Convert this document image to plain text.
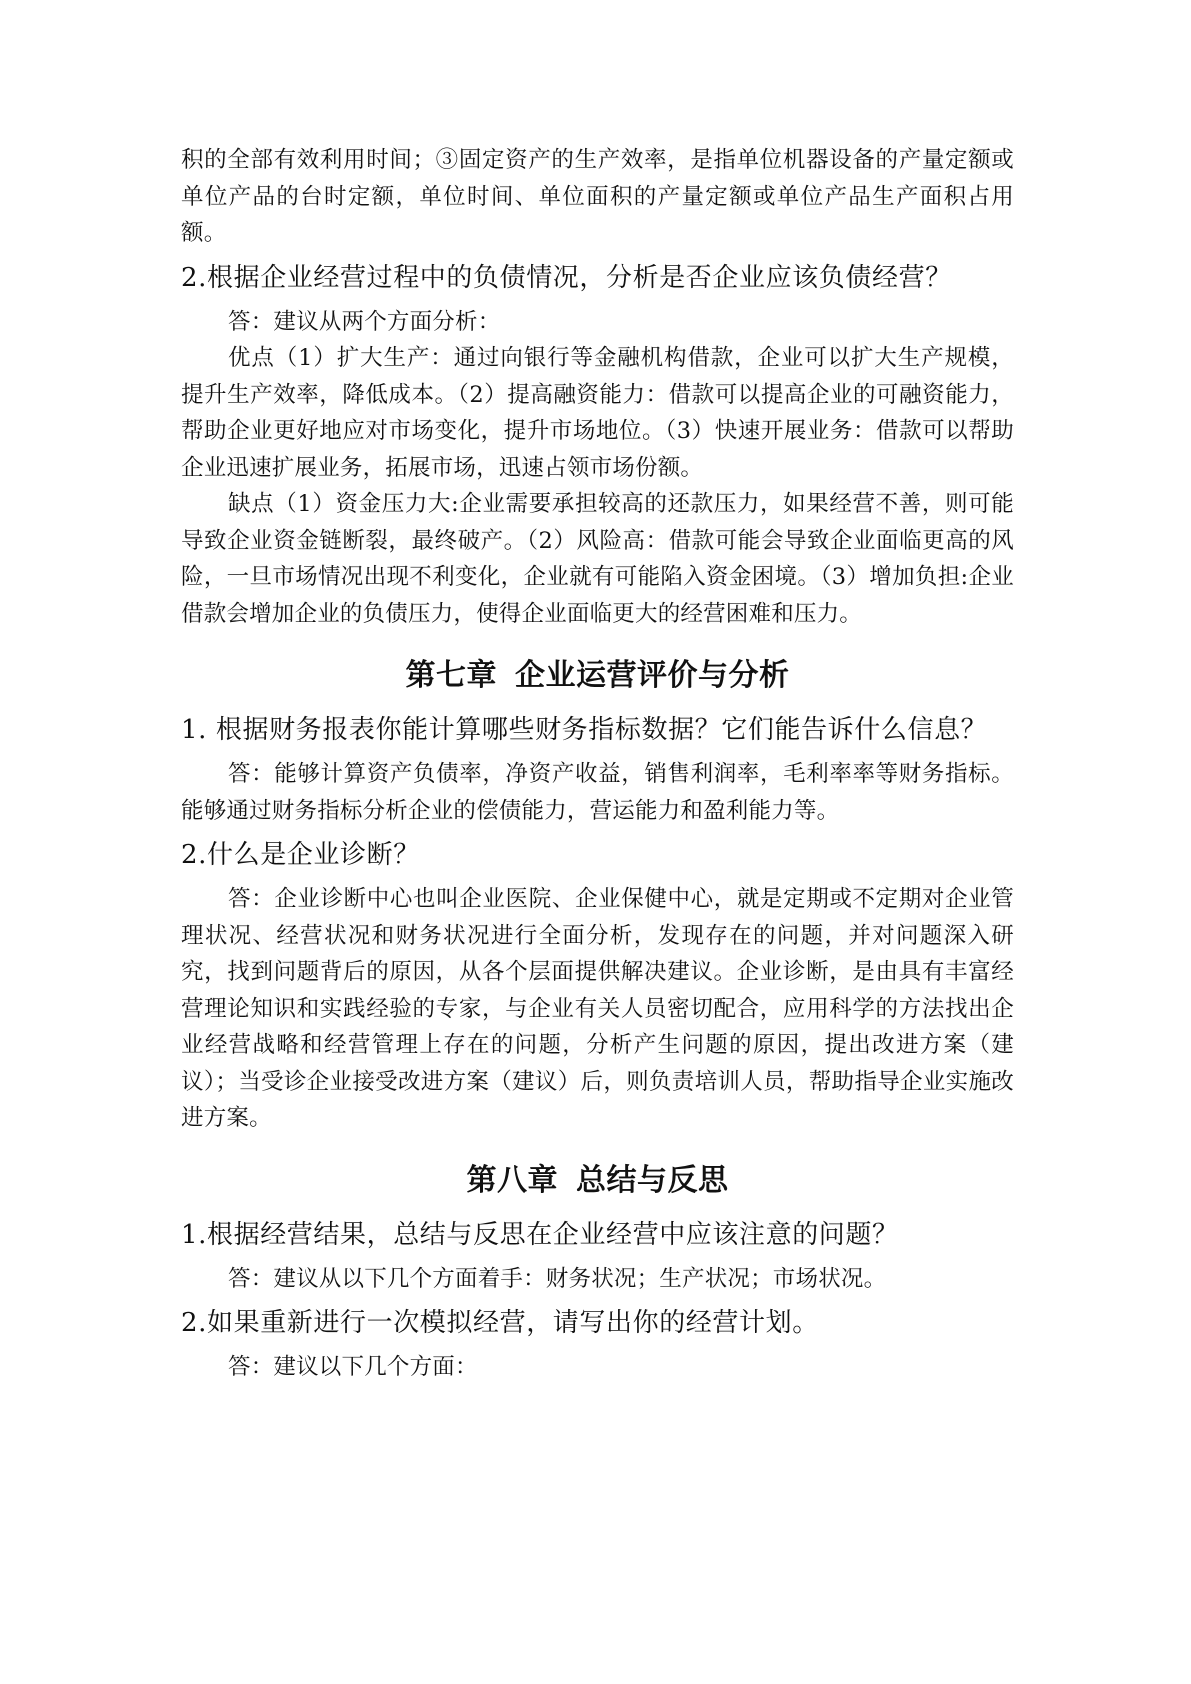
积的全部有效利用时间；③固定资产的生产效率，是指单位机器设备的产量定额或单位产品的台时定额，单位时间、单位面积的产量定额或单位产品生产面积占用额。

2.根据企业经营过程中的负债情况，分析是否企业应该负债经营？

答：建议从两个方面分析：

优点（1）扩大生产：通过向银行等金融机构借款，企业可以扩大生产规模，提升生产效率，降低成本。（2）提高融资能力：借款可以提高企业的可融资能力，帮助企业更好地应对市场变化，提升市场地位。（3）快速开展业务：借款可以帮助企业迅速扩展业务，拓展市场，迅速占领市场份额。

缺点（1）资金压力大:企业需要承担较高的还款压力，如果经营不善，则可能导致企业资金链断裂，最终破产。（2）风险高：借款可能会导致企业面临更高的风险，一旦市场情况出现不利变化，企业就有可能陷入资金困境。（3）增加负担:企业借款会增加企业的负债压力，使得企业面临更大的经营困难和压力。

第七章 企业运营评价与分析

1. 根据财务报表你能计算哪些财务指标数据？它们能告诉什么信息？

答：能够计算资产负债率，净资产收益，销售利润率，毛利率率等财务指标。能够通过财务指标分析企业的偿债能力，营运能力和盈利能力等。

2.什么是企业诊断？

答：企业诊断中心也叫企业医院、企业保健中心，就是定期或不定期对企业管理状况、经营状况和财务状况进行全面分析，发现存在的问题，并对问题深入研究，找到问题背后的原因，从各个层面提供解决建议。企业诊断，是由具有丰富经营理论知识和实践经验的专家，与企业有关人员密切配合，应用科学的方法找出企业经营战略和经营管理上存在的问题，分析产生问题的原因，提出改进方案（建议）；当受诊企业接受改进方案（建议）后，则负责培训人员，帮助指导企业实施改进方案。

第八章 总结与反思

1.根据经营结果，总结与反思在企业经营中应该注意的问题？

答：建议从以下几个方面着手：财务状况；生产状况；市场状况。

2.如果重新进行一次模拟经营，请写出你的经营计划。

答：建议以下几个方面：
